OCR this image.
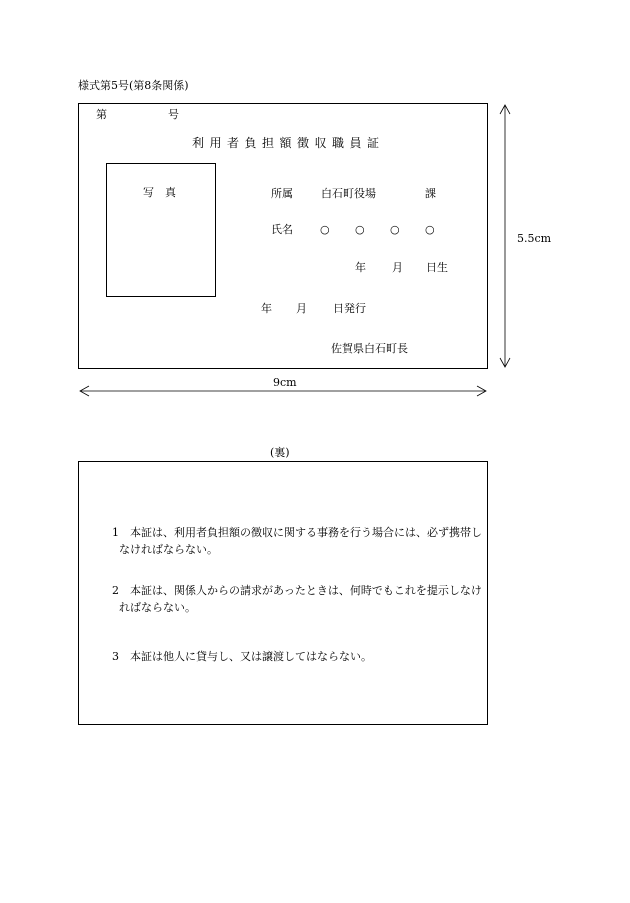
様式第5号(第8条関係)
第	号
利用者負担額徴収職員証
写　真	所属	白石町役場	課
氏名 ○ ○ ○ ○
年 月 日生
年 月 日発行
佐賀県白石町長
5.5cm
9cm
(裏)
1　本証は、利用者負担額の徴収に関する事務を行う場合には、必ず携帯しなければならない。
2　本証は、関係人からの請求があったときは、何時でもこれを提示しなければならない。
3　本証は他人に貸与し、又は譲渡してはならない。
